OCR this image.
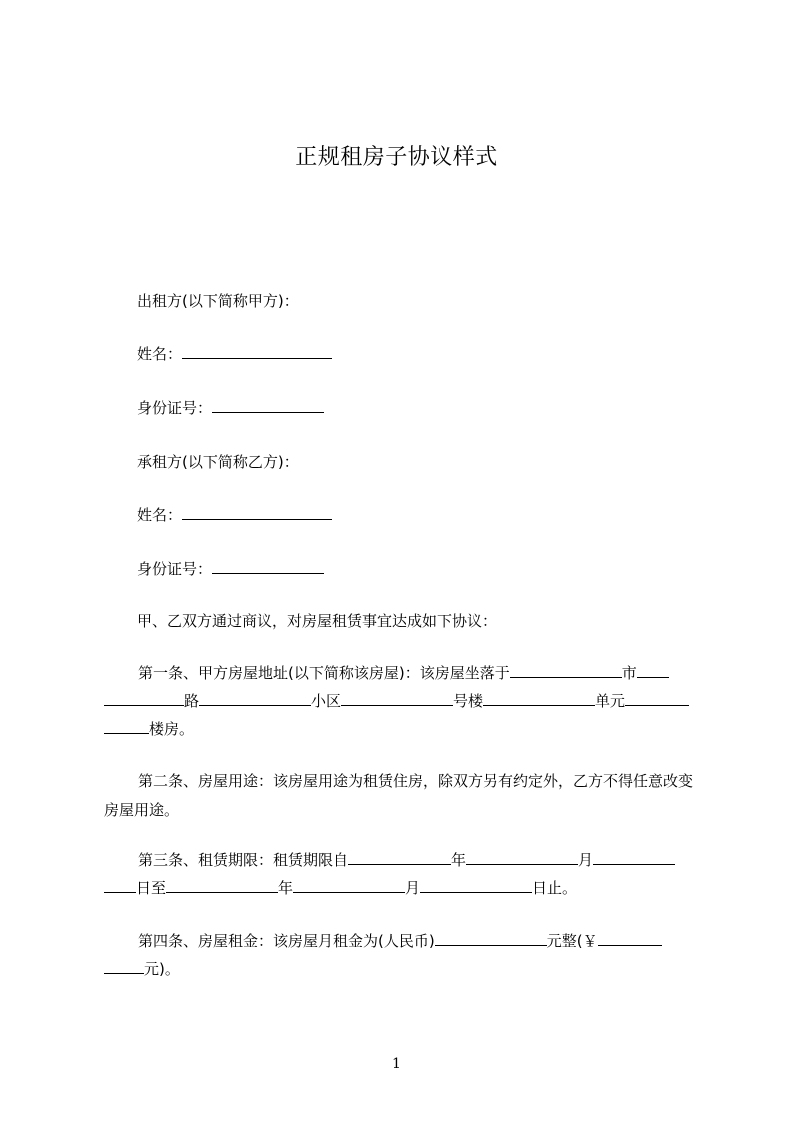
正规租房子协议样式
出租方(以下简称甲方)：
姓名：
身份证号：
承租方(以下简称乙方)：
姓名：
身份证号：
甲、乙双方通过商议，对房屋租赁事宜达成如下协议：
第一条、甲方房屋地址(以下简称该房屋)：该房屋坐落于	市
路	小区	号楼	单元
楼房。
第二条、房屋用途：该房屋用途为租赁住房，除双方另有约定外，乙方不得任意改变房屋用途。
第三条、租赁期限：租赁期限自	年	月
日至	年	月	日止。
第四条、房屋租金：该房屋月租金为(人民币)	元整(￥
元)。
1
